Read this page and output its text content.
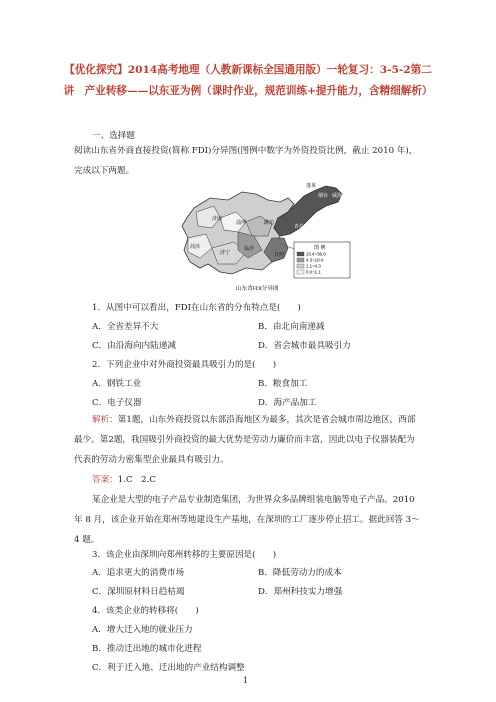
【优化探究】2014高考地理（人教新课标全国通用版）一轮复习：3-5-2第二讲　产业转移——以东亚为例（课时作业，规范训练+提升能力，含精细解析）
一、选择题
阅读山东省外商直接投资(简称 FDI)分异图(图例中数字为外资投资比例，截止 2010 年)，完成以下两题。
蓬莱
烟台 威海
济南
潍坊
青岛
日照
菏泽
济宁
临沂
淄博
图 例
10.4~36.0
4.3~10.4
1.1~4.3
0.0~1.1
山东省FDI分异图
1．从图中可以看出，FDI在山东省的分布特点是(　　)
A．全省差异不大	B．由北向南递减
C．由沿海向内陆递减	D．省会城市最具吸引力
2．下列企业中对外商投资最具吸引力的是(　　)
A．钢铁工业	B．粮食加工
C．电子仪器	D．海产品加工
解析：第1题，山东外商投资以东部沿海地区为最多，其次是省会城市周边地区，西部最少。第2题，我国吸引外商投资的最大优势是劳动力廉价而丰富，因此以电子仪器装配为代表的劳动力密集型企业最具有吸引力。
答案：1.C　2.C
某企业是大型的电子产品专业制造集团，为世界众多品牌组装电脑等电子产品。2010 年 8 月，该企业开始在郑州等地建设生产基地，在深圳的工厂逐步停止招工。据此回答 3～4 题。
3．该企业由深圳向郑州转移的主要原因是(　　)
A．追求更大的消费市场	B．降低劳动力的成本
C．深圳原材料日趋枯竭	D．郑州科技实力增强
4．该类企业的转移将(　　)
A．增大迁入地的就业压力
B．推动迁出地的城市化进程
C．利于迁入地、迁出地的产业结构调整
1
